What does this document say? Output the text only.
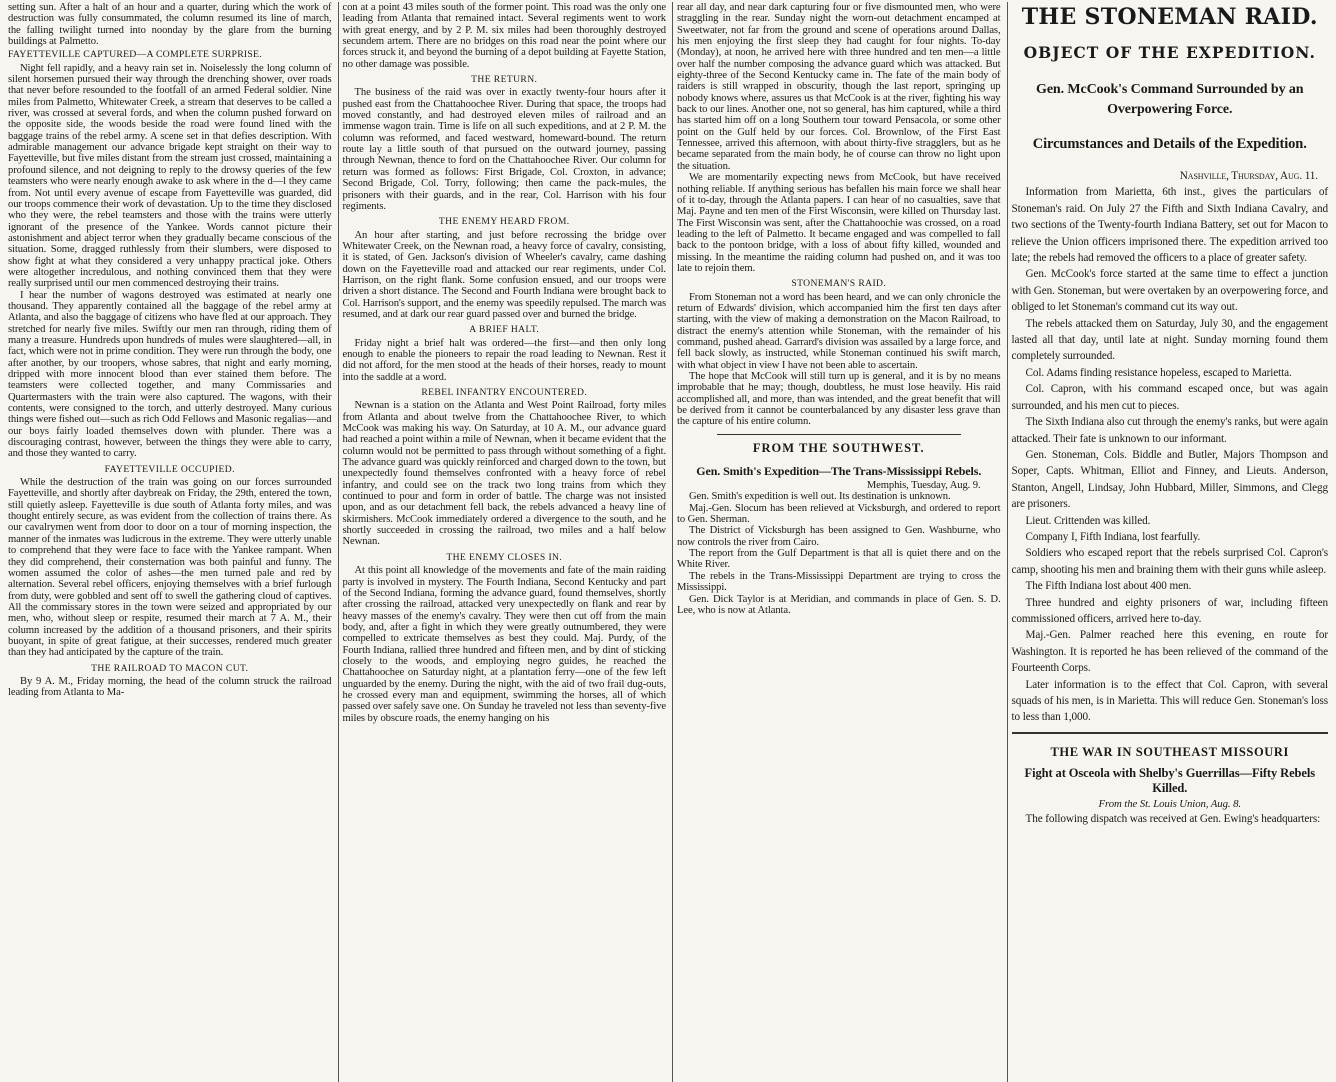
setting sun. After a halt of an hour and a quarter, during which the work of destruction was fully consummated, the column resumed its line of march, the falling twilight turned into noonday by the glare from the burning buildings at Palmetto.

FAYETTEVILLE CAPTURED—A COMPLETE SURPRISE.

Night fell rapidly, and a heavy rain set in. Noiselessly the long column of silent horsemen pursued their way through the drenching shower, over roads that never before resounded to the footfall of an armed Federal soldier. Nine miles from Palmetto, Whitewater Creek, a stream that deserves to be called a river, was crossed at several fords, and when the column pushed forward on the opposite side, the woods beside the road were found lined with the baggage trains of the rebel army. A scene set in that defies description. With admirable management our advance brigade kept straight on their way to Fayetteville, but five miles distant from the stream just crossed, maintaining a profound silence, and not deigning to reply to the drowsy queries of the few teamsters who were nearly enough awake to ask where in the d—l they came from. Not until every avenue of escape from Fayetteville was guarded, did our troops commence their work of devastation. Up to the time they disclosed who they were, the rebel teamsters and those with the trains were utterly ignorant of the presence of the Yankee. Words cannot picture their astonishment and abject terror when they gradually became conscious of the situation. Some, dragged ruthlessly from their slumbers, were disposed to show fight at what they considered a very unhappy practical joke. Others were altogether incredulous, and nothing convinced them that they were really surprised until our men commenced destroying their trains.

I hear the number of wagons destroyed was estimated at nearly one thousand. They apparently contained all the baggage of the rebel army at Atlanta, and also the baggage of citizens who have fled at our approach. They stretched for nearly five miles. Swiftly our men ran through, riding them of many a treasure. Hundreds upon hundreds of mules were slaughtered—all, in fact, which were not in prime condition. They were run through the body, one after another, by our troopers, whose sabres, that night and early morning, dripped with more innocent blood than ever stained them before. The teamsters were collected together, and many Commissaries and Quartermasters with the train were also captured. The wagons, with their contents, were consigned to the torch, and utterly destroyed. Many curious things were fished out—such as rich Odd Fellows and Masonic regalias—and our boys fairly loaded themselves down with plunder. There was a discouraging contrast, however, between the things they were able to carry, and those they wanted to carry.

FAYETTEVILLE OCCUPIED.

While the destruction of the train was going on our forces surrounded Fayetteville, and shortly after daybreak on Friday, the 29th, entered the town, still quietly asleep. Fayetteville is due south of Atlanta forty miles, and was thought entirely secure, as was evident from the collection of trains there. As our cavalrymen went from door to door on a tour of morning inspection, the manner of the inmates was ludicrous in the extreme. They were utterly unable to comprehend that they were face to face with the Yankee rampant. When they did comprehend, their consternation was both painful and funny. The women assumed the color of ashes—the men turned pale and red by alternation. Several rebel officers, enjoying themselves with a brief furlough from duty, were gobbled and sent off to swell the gathering cloud of captives. All the commissary stores in the town were seized and appropriated by our men, who, without sleep or respite, resumed their march at 7 A. M., their column increased by the addition of a thousand prisoners, and their spirits buoyant, in spite of great fatigue, at their successes, rendered much greater than they had anticipated by the capture of the train.

THE RAILROAD TO MACON CUT.

By 9 A. M., Friday morning, the head of the column struck the railroad leading from Atlanta to Ma-

con at a point 43 miles south of the former point. This road was the only one leading from Atlanta that remained intact. Several regiments went to work with great energy, and by 2 P. M. six miles had been thoroughly destroyed secundem artem. There are no bridges on this road near the point where our forces struck it, and beyond the burning of a depot building at Fayette Station, no other damage was possible.

THE RETURN.

The business of the raid was over in exactly twenty-four hours after it pushed east from the Chattahoochee River. During that space, the troops had moved constantly, and had destroyed eleven miles of railroad and an immense wagon train. Time is life on all such expeditions, and at 2 P. M. the column was reformed, and faced westward, homeward-bound. The return route lay a little south of that pursued on the outward journey, passing through Newnan, thence to ford on the Chattahoochee River. Our column for return was formed as follows: First Brigade, Col. Croxton, in advance; Second Brigade, Col. Torry, following; then came the pack-mules, the prisoners with their guards, and in the rear, Col. Harrison with his four regiments.

THE ENEMY HEARD FROM.

An hour after starting, and just before recrossing the bridge over Whitewater Creek, on the Newnan road, a heavy force of cavalry, consisting, it is stated, of Gen. Jackson's division of Wheeler's cavalry, came dashing down on the Fayetteville road and attacked our rear regiments, under Col. Harrison, on the right flank. Some confusion ensued, and our troops were driven a short distance. The Second and Fourth Indiana were brought back to Col. Harrison's support, and the enemy was speedily repulsed. The march was resumed, and at dark our rear guard passed over and burned the bridge.

A BRIEF HALT.

Friday night a brief halt was ordered—the first—and then only long enough to enable the pioneers to repair the road leading to Newnan. Rest it did not afford, for the men stood at the heads of their horses, ready to mount into the saddle at a word.

REBEL INFANTRY ENCOUNTERED.

Newnan is a station on the Atlanta and West Point Railroad, forty miles from Atlanta and about twelve from the Chattahoochee River, to which McCook was making his way. On Saturday, at 10 A. M., our advance guard had reached a point within a mile of Newnan, when it became evident that the column would not be permitted to pass through without something of a fight. The advance guard was quickly reinforced and charged down to the town, but unexpectedly found themselves confronted with a heavy force of rebel infantry, and could see on the track two long trains from which they continued to pour and form in order of battle. The charge was not insisted upon, and as our detachment fell back, the rebels advanced a heavy line of skirmishers. McCook immediately ordered a divergence to the south, and he shortly succeeded in crossing the railroad, two miles and a half below Newnan.

THE ENEMY CLOSES IN.

At this point all knowledge of the movements and fate of the main raiding party is involved in mystery. The Fourth Indiana, Second Kentucky and part of the Second Indiana, forming the advance guard, found themselves, shortly after crossing the railroad, attacked very unexpectedly on flank and rear by heavy masses of the enemy's cavalry. They were then cut off from the main body, and, after a fight in which they were greatly outnumbered, they were compelled to extricate themselves as best they could. Maj. Purdy, of the Fourth Indiana, rallied three hundred and fifteen men, and by dint of sticking closely to the woods, and employing negro guides, he reached the Chattahoochee on Saturday night, at a plantation ferry—one of the few left unguarded by the enemy. During the night, with the aid of two frail dug-outs, he crossed every man and equipment, swimming the horses, all of which passed over safely save one. On Sunday he traveled not less than seventy-five miles by obscure roads, the enemy hanging on his

rear all day, and near dark capturing four or five dismounted men, who were straggling in the rear. Sunday night the worn-out detachment encamped at Sweetwater, not far from the ground and scene of operations around Dallas, his men enjoying the first sleep they had caught for four nights. To-day (Monday), at noon, he arrived here with three hundred and ten men—a little over half the number composing the advance guard which was attacked. But eighty-three of the Second Kentucky came in. The fate of the main body of raiders is still wrapped in obscurity, though the last report, springing up nobody knows where, assures us that McCook is at the river, fighting his way back to our lines. Another one, not so general, has him captured, while a third has started him off on a long Southern tour toward Pensacola, or some other point on the Gulf held by our forces. Col. Brownlow, of the First East Tennessee, arrived this afternoon, with about thirty-five stragglers, but as he became separated from the main body, he of course can throw no light upon the situation.

We are momentarily expecting news from McCook, but have received nothing reliable. If anything serious has befallen his main force we shall hear of it to-day, through the Atlanta papers. I can hear of no casualties, save that Maj. Payne and ten men of the First Wisconsin, were killed on Thursday last. The First Wisconsin was sent, after the Chattahoochie was crossed, on a road leading to the left of Palmetto. It became engaged and was compelled to fall back to the pontoon bridge, with a loss of about fifty killed, wounded and missing. In the meantime the raiding column had pushed on, and it was too late to rejoin them.

STONEMAN'S RAID.

From Stoneman not a word has been heard, and we can only chronicle the return of Edwards' division, which accompanied him the first ten days after starting, with the view of making a demonstration on the Macon Railroad, to distract the enemy's attention while Stoneman, with the remainder of his command, pushed ahead. Garrard's division was assailed by a large force, and fell back slowly, as instructed, while Stoneman continued his swift march, with what object in view I have not been able to ascertain.

The hope that McCook will still turn up is general, and it is by no means improbable that he may; though, doubtless, he must lose heavily. His raid accomplished all, and more, than was intended, and the great benefit that will be derived from it cannot be counterbalanced by any disaster less grave than the capture of his entire column.

FROM THE SOUTHWEST.
Gen. Smith's Expedition—The Trans-Mississippi Rebels.
Memphis, Tuesday, Aug. 9.

Gen. Smith's expedition is well out. Its destination is unknown.

Maj.-Gen. Slocum has been relieved at Vicksburgh, and ordered to report to Gen. Sherman.

The District of Vicksburgh has been assigned to Gen. Washburne, who now controls the river from Cairo.

The report from the Gulf Department is that all is quiet there and on the White River.

The rebels in the Trans-Mississippi Department are trying to cross the Mississippi.

Gen. Dick Taylor is at Meridian, and commands in place of Gen. S. D. Lee, who is now at Atlanta.

THE STONEMAN RAID.
OBJECT OF THE EXPEDITION.
Gen. McCook's Command Surrounded by an Overpowering Force.
Circumstances and Details of the Expedition.
Nashville, Thursday, Aug. 11.

Information from Marietta, 6th inst., gives the particulars of Stoneman's raid. On July 27 the Fifth and Sixth Indiana Cavalry, and two sections of the Twenty-fourth Indiana Battery, set out for Macon to relieve the Union officers imprisoned there. The expedition arrived too late; the rebels had removed the officers to a place of greater safety.

Gen. McCook's force started at the same time to effect a junction with Gen. Stoneman, but were overtaken by an overpowering force, and obliged to let Stoneman's command cut its way out.

The rebels attacked them on Saturday, July 30, and the engagement lasted all that day, until late at night. Sunday morning found them completely surrounded.

Col. Adams finding resistance hopeless, escaped to Marietta.

Col. Capron, with his command escaped once, but was again surrounded, and his men cut to pieces.

The Sixth Indiana also cut through the enemy's ranks, but were again attacked. Their fate is unknown to our informant.

Gen. Stoneman, Cols. Biddle and Butler, Majors Thompson and Soper, Capts. Whitman, Elliot and Finney, and Lieuts. Anderson, Stanton, Angell, Lindsay, John Hubbard, Miller, Simmons, and Clegg are prisoners.

Lieut. Crittenden was killed.

Company I, Fifth Indiana, lost fearfully.

Soldiers who escaped report that the rebels surprised Col. Capron's camp, shooting his men and braining them with their guns while asleep.

The Fifth Indiana lost about 400 men.

Three hundred and eighty prisoners of war, including fifteen commissioned officers, arrived here to-day.

Maj.-Gen. Palmer reached here this evening, en route for Washington. It is reported he has been relieved of the command of the Fourteenth Corps.

Later information is to the effect that Col. Capron, with several squads of his men, is in Marietta. This will reduce Gen. Stoneman's loss to less than 1,000.

THE WAR IN SOUTHEAST MISSOURI
Fight at Osceola with Shelby's Guerrillas—Fifty Rebels Killed.
From the St. Louis Union, Aug. 8.

The following dispatch was received at Gen. Ewing's headquarters:
